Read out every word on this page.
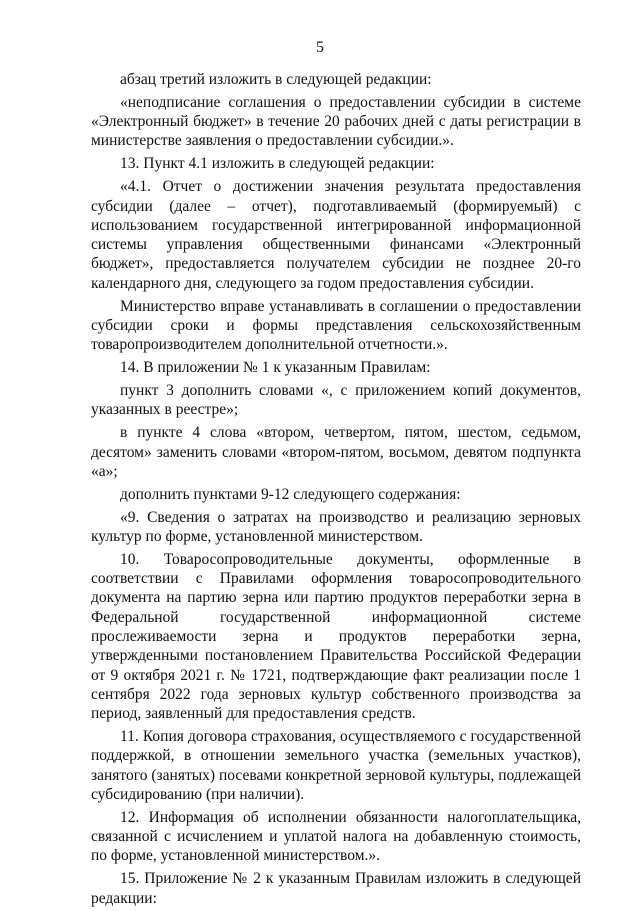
5

абзац третий изложить в следующей редакции:

«неподписание соглашения о предоставлении субсидии в системе «Электронный бюджет» в течение 20 рабочих дней с даты регистрации в министерстве заявления о предоставлении субсидии.».

13. Пункт 4.1 изложить в следующей редакции:

«4.1. Отчет о достижении значения результата предоставления субсидии (далее – отчет), подготавливаемый (формируемый) с использованием государственной интегрированной информационной системы управления общественными финансами «Электронный бюджет», предоставляется получателем субсидии не позднее 20-го календарного дня, следующего за годом предоставления субсидии.

Министерство вправе устанавливать в соглашении о предоставлении субсидии сроки и формы представления сельскохозяйственным товаропроизводителем дополнительной отчетности.».

14. В приложении № 1 к указанным Правилам:

пункт 3 дополнить словами «, с приложением копий документов, указанных в реестре»;

в пункте 4 слова «втором, четвертом, пятом, шестом, седьмом, десятом» заменить словами «втором-пятом, восьмом, девятом подпункта «а»;

дополнить пунктами 9-12 следующего содержания:

«9. Сведения о затратах на производство и реализацию зерновых культур по форме, установленной министерством.

10. Товаросопроводительные документы, оформленные в соответствии с Правилами оформления товаросопроводительного документа на партию зерна или партию продуктов переработки зерна в Федеральной государственной информационной системе прослеживаемости зерна и продуктов переработки зерна, утвержденными постановлением Правительства Российской Федерации от 9 октября 2021 г. № 1721, подтверждающие факт реализации после 1 сентября 2022 года зерновых культур собственного производства за период, заявленный для предоставления средств.

11. Копия договора страхования, осуществляемого с государственной поддержкой, в отношении земельного участка (земельных участков), занятого (занятых) посевами конкретной зерновой культуры, подлежащей субсидированию (при наличии).

12. Информация об исполнении обязанности налогоплательщика, связанной с исчислением и уплатой налога на добавленную стоимость, по форме, установленной министерством.».

15. Приложение № 2 к указанным Правилам изложить в следующей редакции:
